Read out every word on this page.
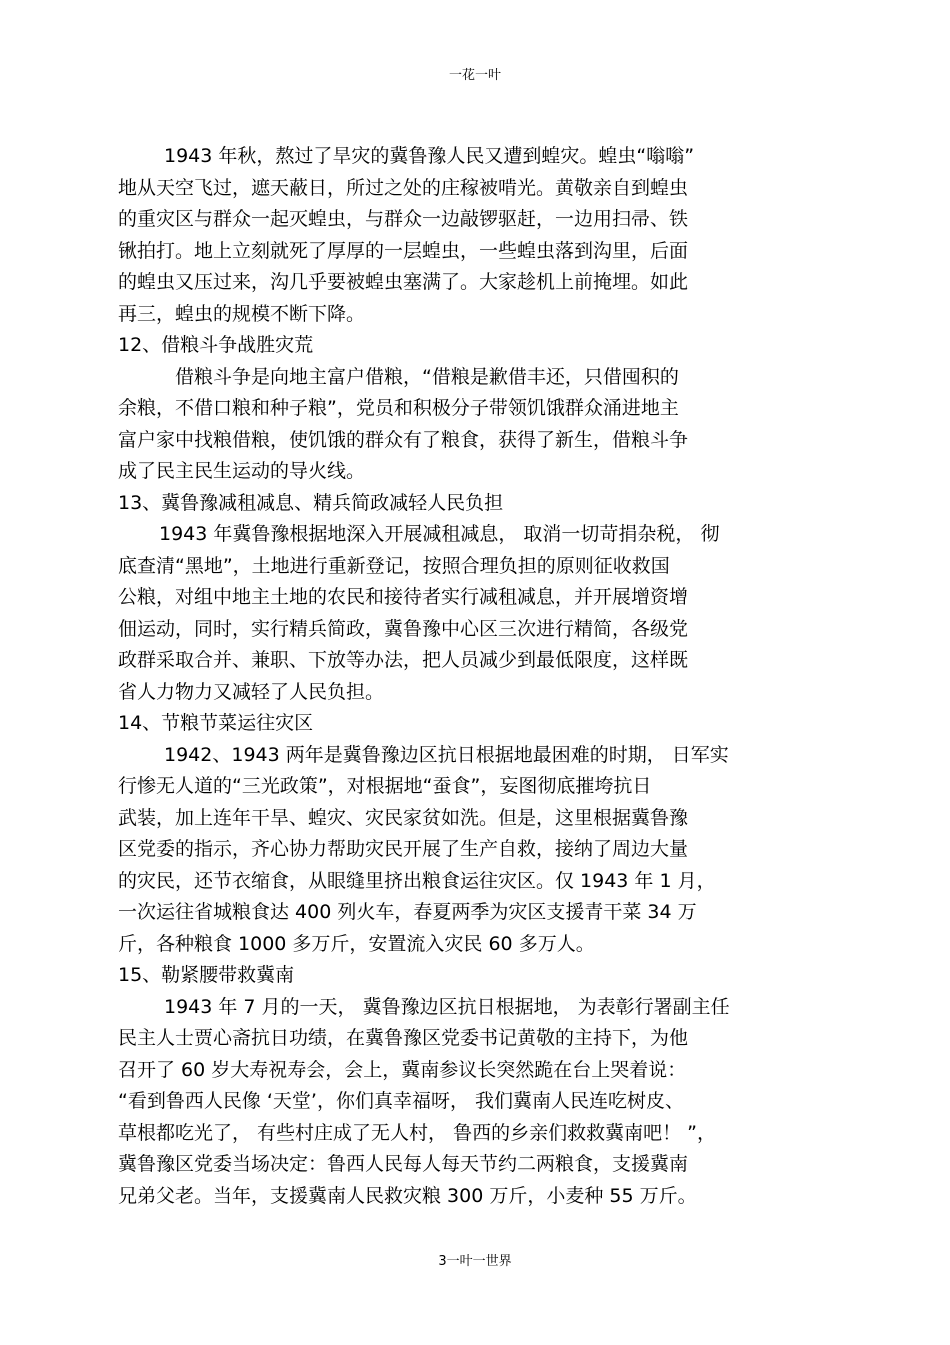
一花一叶
1943 年秋，熬过了旱灾的冀鲁豫人民又遭到蝗灾。蝗虫“嗡嗡”
地从天空飞过，遮天蔽日，所过之处的庄稼被啃光。黄敬亲自到蝗虫
的重灾区与群众一起灭蝗虫，与群众一边敲锣驱赶，一边用扫帚、铁
锹拍打。地上立刻就死了厚厚的一层蝗虫，一些蝗虫落到沟里，后面
的蝗虫又压过来，沟几乎要被蝗虫塞满了。大家趁机上前掩埋。如此
再三，蝗虫的规模不断下降。
12、借粮斗争战胜灾荒
借粮斗争是向地主富户借粮，“借粮是歉借丰还，只借囤积的
余粮，不借口粮和种子粮”，党员和积极分子带领饥饿群众涌进地主
富户家中找粮借粮，使饥饿的群众有了粮食，获得了新生，借粮斗争
成了民主民生运动的导火线。
13、冀鲁豫减租减息、精兵简政减轻人民负担
1943 年冀鲁豫根据地深入开展减租减息， 取消一切苛捐杂税， 彻
底查清“黑地”，土地进行重新登记，按照合理负担的原则征收救国
公粮，对组中地主土地的农民和接待者实行减租减息，并开展增资增
佃运动，同时，实行精兵简政，冀鲁豫中心区三次进行精简，各级党
政群采取合并、兼职、下放等办法，把人员减少到最低限度，这样既
省人力物力又减轻了人民负担。
14、节粮节菜运往灾区
1942、1943 两年是冀鲁豫边区抗日根据地最困难的时期， 日军实
行惨无人道的“三光政策”，对根据地“蚕食”，妄图彻底摧垮抗日
武装，加上连年干旱、蝗灾、灾民家贫如洗。但是，这里根据冀鲁豫
区党委的指示，齐心协力帮助灾民开展了生产自救，接纳了周边大量
的灾民，还节衣缩食，从眼缝里挤出粮食运往灾区。仅 1943 年 1 月，
一次运往省城粮食达 400 列火车，春夏两季为灾区支援青干菜 34 万
斤，各种粮食 1000 多万斤，安置流入灾民 60 多万人。
15、勒紧腰带救冀南
1943 年 7 月的一天， 冀鲁豫边区抗日根据地， 为表彰行署副主任
民主人士贾心斋抗日功绩，在冀鲁豫区党委书记黄敬的主持下，为他
召开了 60 岁大寿祝寿会，会上，冀南参议长突然跪在台上哭着说：
“看到鲁西人民像 ‘天堂’，你们真幸福呀， 我们冀南人民连吃树皮、
草根都吃光了， 有些村庄成了无人村， 鲁西的乡亲们救救冀南吧！ ”，
冀鲁豫区党委当场决定：鲁西人民每人每天节约二两粮食，支援冀南
兄弟父老。当年，支援冀南人民救灾粮 300 万斤，小麦种 55 万斤。
3一叶一世界
